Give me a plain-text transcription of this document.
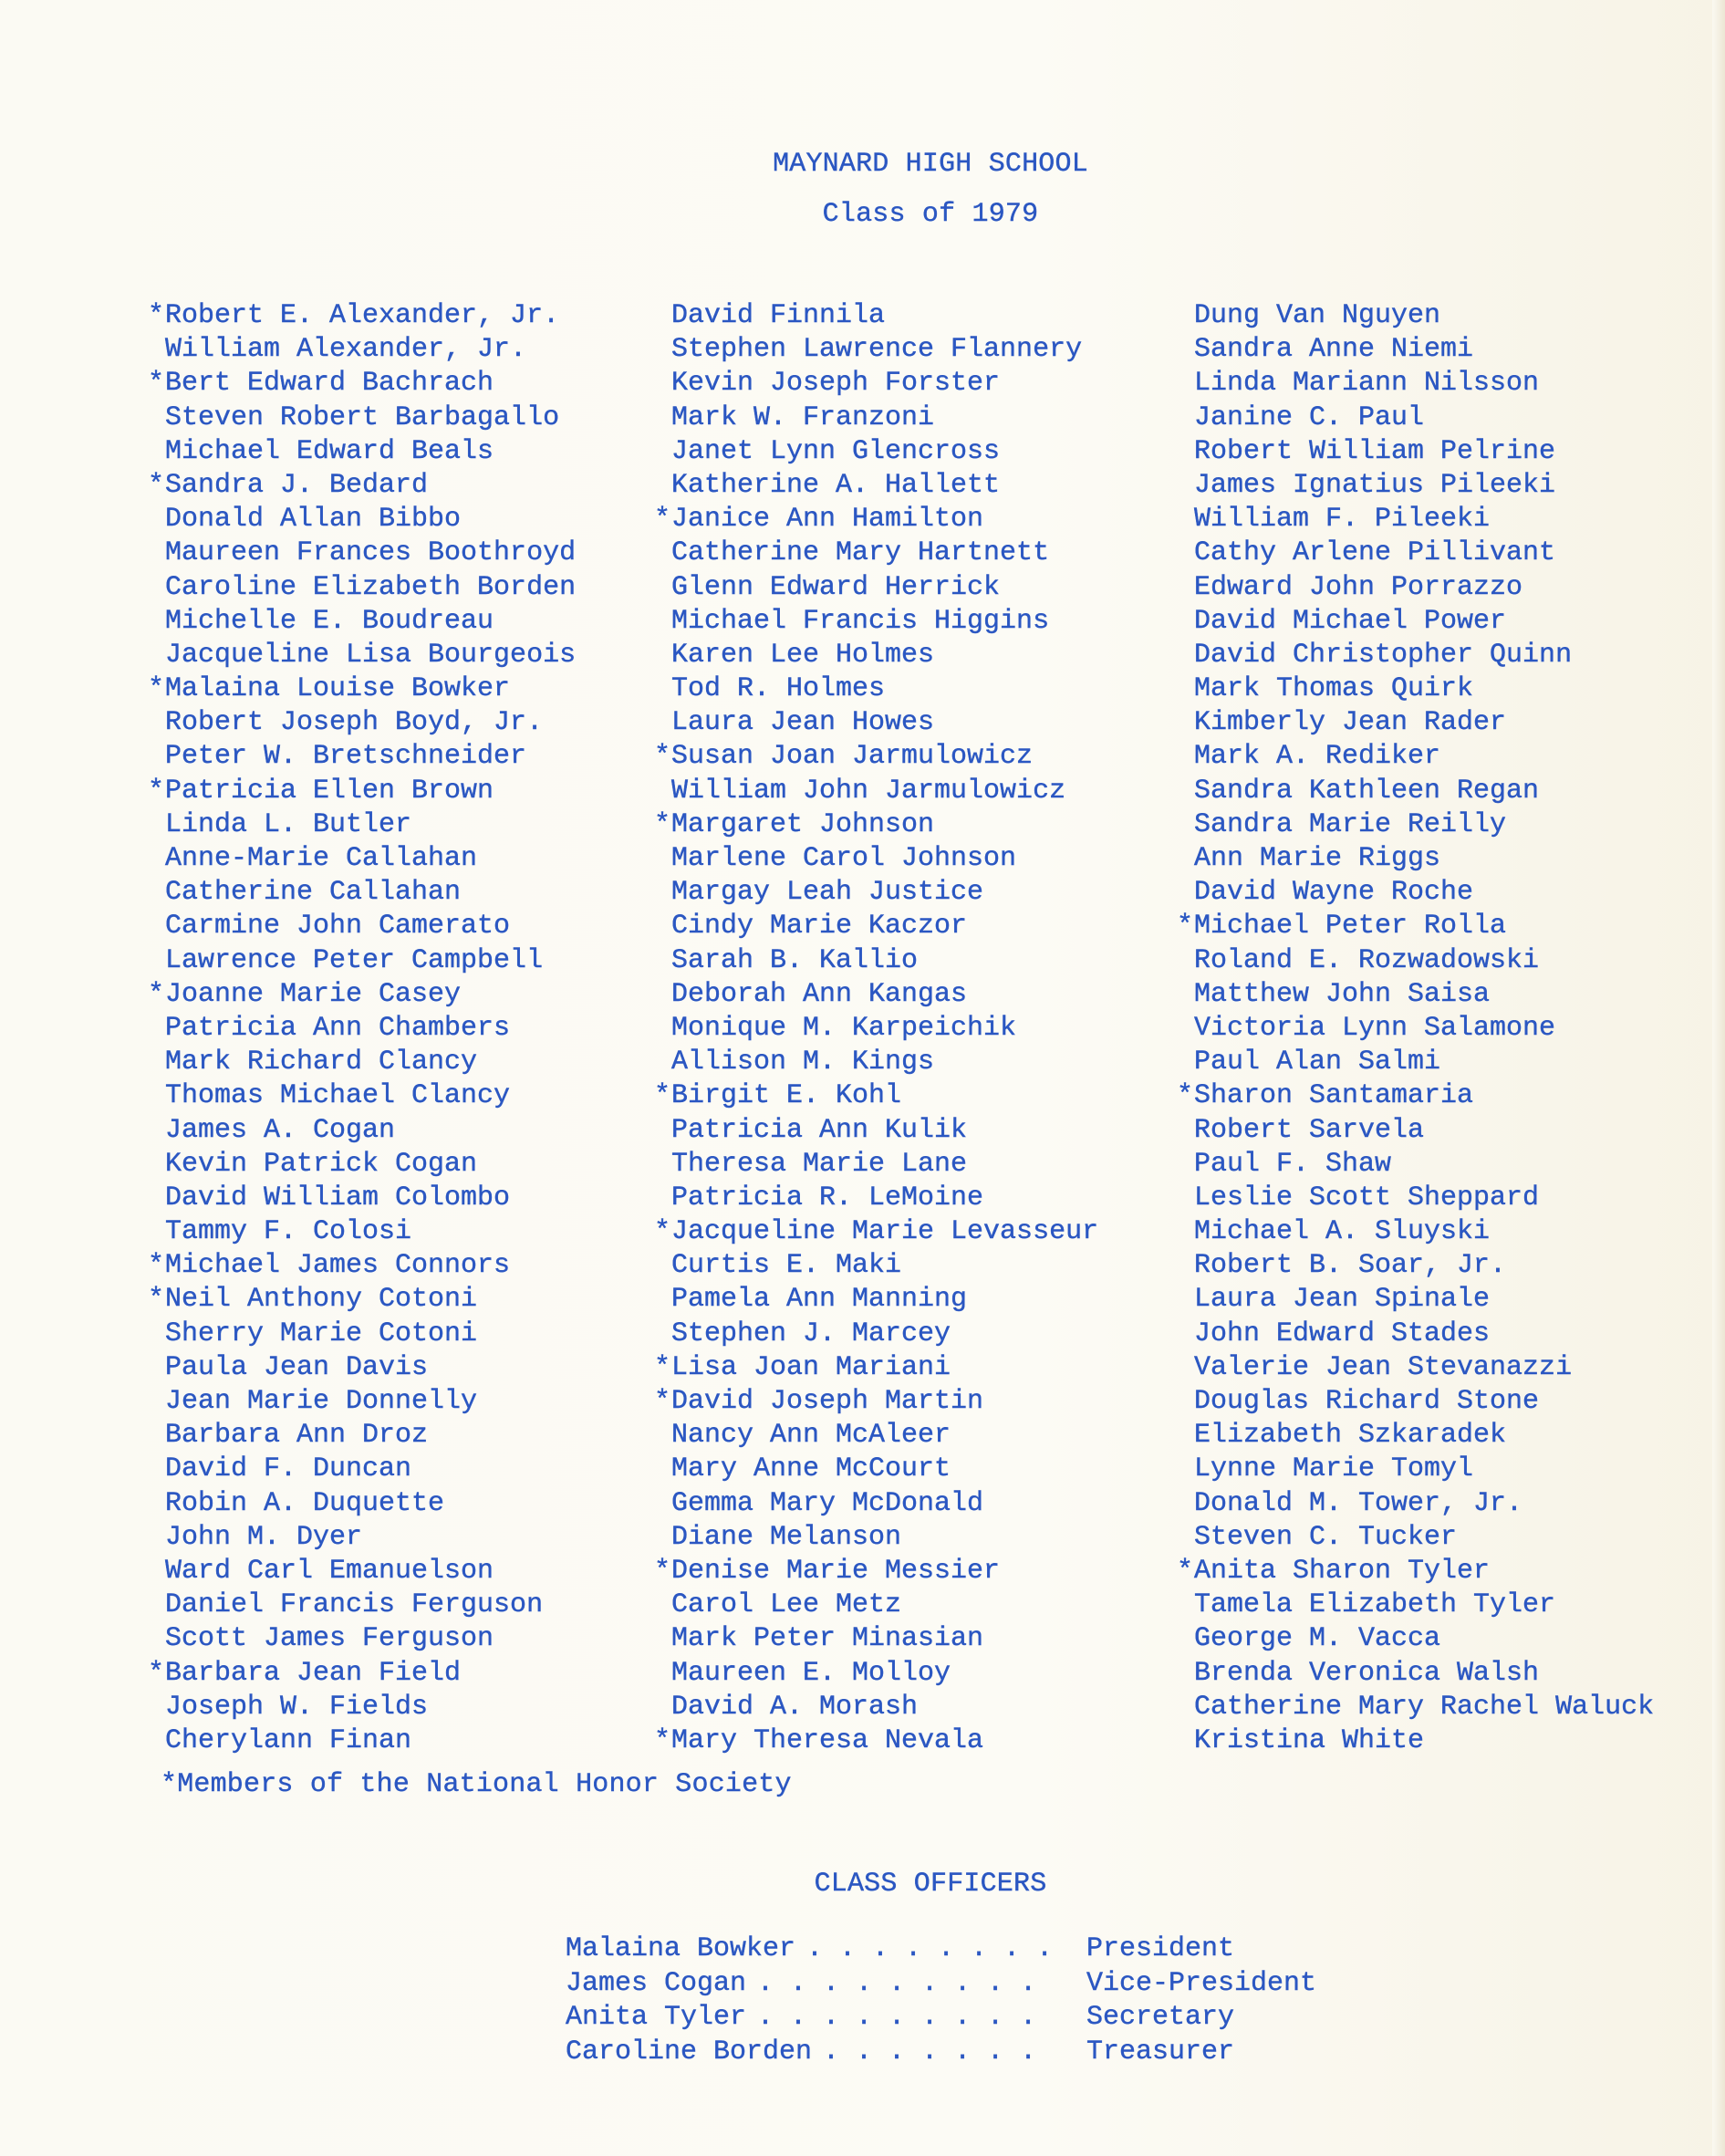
MAYNARD HIGH SCHOOL
Class of 1979
* Robert E. Alexander, Jr.
William Alexander, Jr.
* Bert Edward Bachrach
Steven Robert Barbagallo
Michael Edward Beals
* Sandra J. Bedard
Donald Allan Bibbo
Maureen Frances Boothroyd
Caroline Elizabeth Borden
Michelle E. Boudreau
Jacqueline Lisa Bourgeois
* Malaina Louise Bowker
Robert Joseph Boyd, Jr.
Peter W. Bretschneider
* Patricia Ellen Brown
Linda L. Butler
Anne-Marie Callahan
Catherine Callahan
Carmine John Camerato
Lawrence Peter Campbell
* Joanne Marie Casey
Patricia Ann Chambers
Mark Richard Clancy
Thomas Michael Clancy
James A. Cogan
Kevin Patrick Cogan
David William Colombo
Tammy F. Colosi
* Michael James Connors
* Neil Anthony Cotoni
Sherry Marie Cotoni
Paula Jean Davis
Jean Marie Donnelly
Barbara Ann Droz
David F. Duncan
Robin A. Duquette
John M. Dyer
Ward Carl Emanuelson
Daniel Francis Ferguson
Scott James Ferguson
* Barbara Jean Field
Joseph W. Fields
Cherylann Finan
David Finnila
Stephen Lawrence Flannery
Kevin Joseph Forster
Mark W. Franzoni
Janet Lynn Glencross
Katherine A. Hallett
* Janice Ann Hamilton
Catherine Mary Hartnett
Glenn Edward Herrick
Michael Francis Higgins
Karen Lee Holmes
Tod R. Holmes
Laura Jean Howes
* Susan Joan Jarmulowicz
William John Jarmulowicz
* Margaret Johnson
Marlene Carol Johnson
Margay Leah Justice
Cindy Marie Kaczor
Sarah B. Kallio
Deborah Ann Kangas
Monique M. Karpeichik
Allison M. Kings
* Birgit E. Kohl
Patricia Ann Kulik
Theresa Marie Lane
Patricia R. LeMoine
* Jacqueline Marie Levasseur
Curtis E. Maki
Pamela Ann Manning
Stephen J. Marcey
* Lisa Joan Mariani
* David Joseph Martin
Nancy Ann McAleer
Mary Anne McCourt
Gemma Mary McDonald
Diane Melanson
* Denise Marie Messier
Carol Lee Metz
Mark Peter Minasian
Maureen E. Molloy
David A. Morash
* Mary Theresa Nevala
Dung Van Nguyen
Sandra Anne Niemi
Linda Mariann Nilsson
Janine C. Paul
Robert William Pelrine
James Ignatius Pileeki
William F. Pileeki
Cathy Arlene Pillivant
Edward John Porrazzo
David Michael Power
David Christopher Quinn
Mark Thomas Quirk
Kimberly Jean Rader
Mark A. Rediker
Sandra Kathleen Regan
Sandra Marie Reilly
Ann Marie Riggs
David Wayne Roche
* Michael Peter Rolla
Roland E. Rozwadowski
Matthew John Saisa
Victoria Lynn Salamone
Paul Alan Salmi
* Sharon Santamaria
Robert Sarvela
Paul F. Shaw
Leslie Scott Sheppard
Michael A. Sluyski
Robert B. Soar, Jr.
Laura Jean Spinale
John Edward Stades
Valerie Jean Stevanazzi
Douglas Richard Stone
Elizabeth Szkaradek
Lynne Marie Tomyl
Donald M. Tower, Jr.
Steven C. Tucker
* Anita Sharon Tyler
Tamela Elizabeth Tyler
George M. Vacca
Brenda Veronica Walsh
Catherine Mary Rachel Waluck
Kristina White
*Members of the National Honor Society
CLASS OFFICERS
Malaina Bowker . . . . . . . . President
James Cogan . . . . . . . . . Vice-President
Anita Tyler . . . . . . . . . Secretary
Caroline Borden . . . . . . . Treasurer
